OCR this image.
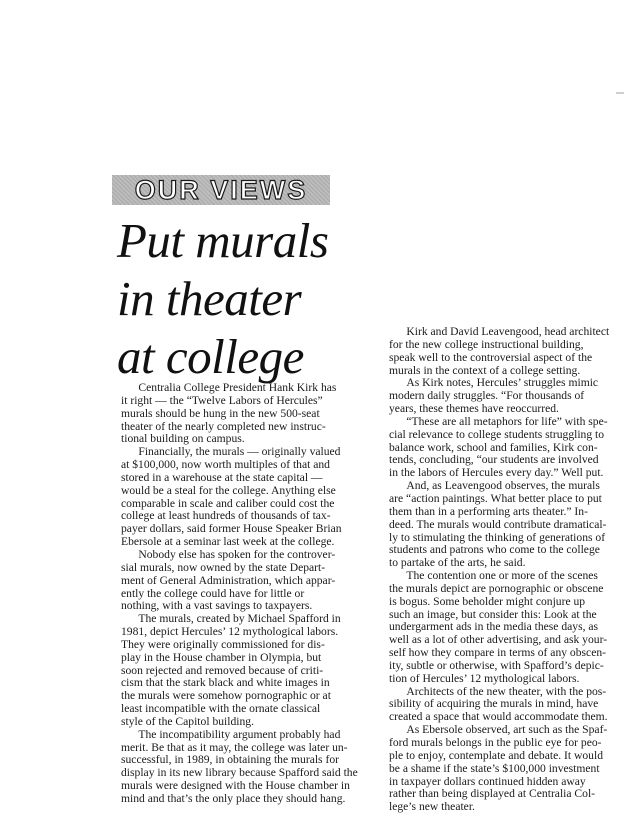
OUR VIEWS
Put murals
in theater
at college
  Centralia College President Hank Kirk has
it right — the “Twelve Labors of Hercules”
murals should be hung in the new 500-seat
theater of the nearly completed new instruc-
tional building on campus.
  Financially, the murals — originally valued
at $100,000, now worth multiples of that and
stored in a warehouse at the state capital —
would be a steal for the college. Anything else
comparable in scale and caliber could cost the
college at least hundreds of thousands of tax-
payer dollars, said former House Speaker Brian
Ebersole at a seminar last week at the college.
  Nobody else has spoken for the controver-
sial murals, now owned by the state Depart-
ment of General Administration, which appar-
ently the college could have for little or
nothing, with a vast savings to taxpayers.
  The murals, created by Michael Spafford in
1981, depict Hercules’ 12 mythological labors.
They were originally commissioned for dis-
play in the House chamber in Olympia, but
soon rejected and removed because of criti-
cism that the stark black and white images in
the murals were somehow pornographic or at
least incompatible with the ornate classical
style of the Capitol building.
  The incompatibility argument probably had
merit. Be that as it may, the college was later un-
successful, in 1989, in obtaining the murals for
display in its new library because Spafford said the
murals were designed with the House chamber in
mind and that’s the only place they should hang.
  Kirk and David Leavengood, head architect
for the new college instructional building,
speak well to the controversial aspect of the
murals in the context of a college setting.
  As Kirk notes, Hercules’ struggles mimic
modern daily struggles. “For thousands of
years, these themes have reoccurred.
  “These are all metaphors for life” with spe-
cial relevance to college students struggling to
balance work, school and families, Kirk con-
tends, concluding, “our students are involved
in the labors of Hercules every day.” Well put.
  And, as Leavengood observes, the murals
are “action paintings. What better place to put
them than in a performing arts theater.” In-
deed. The murals would contribute dramatical-
ly to stimulating the thinking of generations of
students and patrons who come to the college
to partake of the arts, he said.
  The contention one or more of the scenes
the murals depict are pornographic or obscene
is bogus. Some beholder might conjure up
such an image, but consider this: Look at the
undergarment ads in the media these days, as
well as a lot of other advertising, and ask your-
self how they compare in terms of any obscen-
ity, subtle or otherwise, with Spafford’s depic-
tion of Hercules’ 12 mythological labors.
  Architects of the new theater, with the pos-
sibility of acquiring the murals in mind, have
created a space that would accommodate them.
  As Ebersole observed, art such as the Spaf-
ford murals belongs in the public eye for peo-
ple to enjoy, contemplate and debate. It would
be a shame if the state’s $100,000 investment
in taxpayer dollars continued hidden away
rather than being displayed at Centralia Col-
lege’s new theater.
